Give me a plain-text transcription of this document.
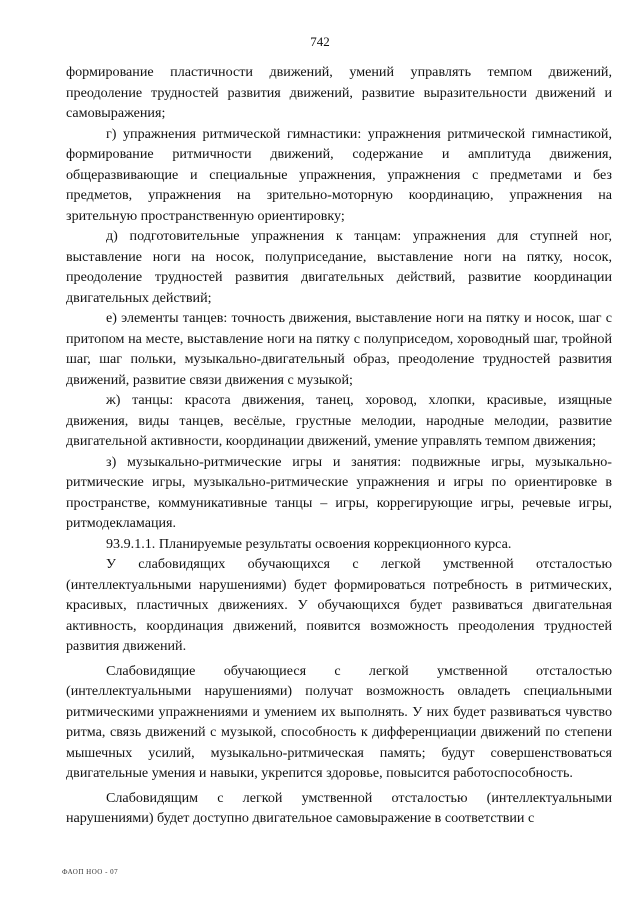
742

формирование пластичности движений, умений управлять темпом движений, преодоление трудностей развития движений, развитие выразительности движений и самовыражения;

г) упражнения ритмической гимнастики: упражнения ритмической гимнастикой, формирование ритмичности движений, содержание и амплитуда движения, общеразвивающие и специальные упражнения, упражнения с предметами и без предметов, упражнения на зрительно-моторную координацию, упражнения на зрительную пространственную ориентировку;

д) подготовительные упражнения к танцам: упражнения для ступней ног, выставление ноги на носок, полуприседание, выставление ноги на пятку, носок, преодоление трудностей развития двигательных действий, развитие координации двигательных действий;

е) элементы танцев: точность движения, выставление ноги на пятку и носок, шаг с притопом на месте, выставление ноги на пятку с полуприседом, хороводный шаг, тройной шаг, шаг польки, музыкально-двигательный образ, преодоление трудностей развития движений, развитие связи движения с музыкой;

ж) танцы: красота движения, танец, хоровод, хлопки, красивые, изящные движения, виды танцев, весёлые, грустные мелодии, народные мелодии, развитие двигательной активности, координации движений, умение управлять темпом движения;

з) музыкально-ритмические игры и занятия: подвижные игры, музыкально-ритмические игры, музыкально-ритмические упражнения и игры по ориентировке в пространстве, коммуникативные танцы – игры, коррегирующие игры, речевые игры, ритмодекламация.

93.9.1.1. Планируемые результаты освоения коррекционного курса.

У слабовидящих обучающихся с легкой умственной отсталостью (интеллектуальными нарушениями) будет формироваться потребность в ритмических, красивых, пластичных движениях. У обучающихся будет развиваться двигательная активность, координация движений, появится возможность преодоления трудностей развития движений.

Слабовидящие обучающиеся с легкой умственной отсталостью (интеллектуальными нарушениями) получат возможность овладеть специальными ритмическими упражнениями и умением их выполнять. У них будет развиваться чувство ритма, связь движений с музыкой, способность к дифференциации движений по степени мышечных усилий, музыкально-ритмическая память; будут совершенствоваться двигательные умения и навыки, укрепится здоровье, повысится работоспособность.

Слабовидящим с легкой умственной отсталостью (интеллектуальными нарушениями) будет доступно двигательное самовыражение в соответствии с

ФАОП НОО - 07
